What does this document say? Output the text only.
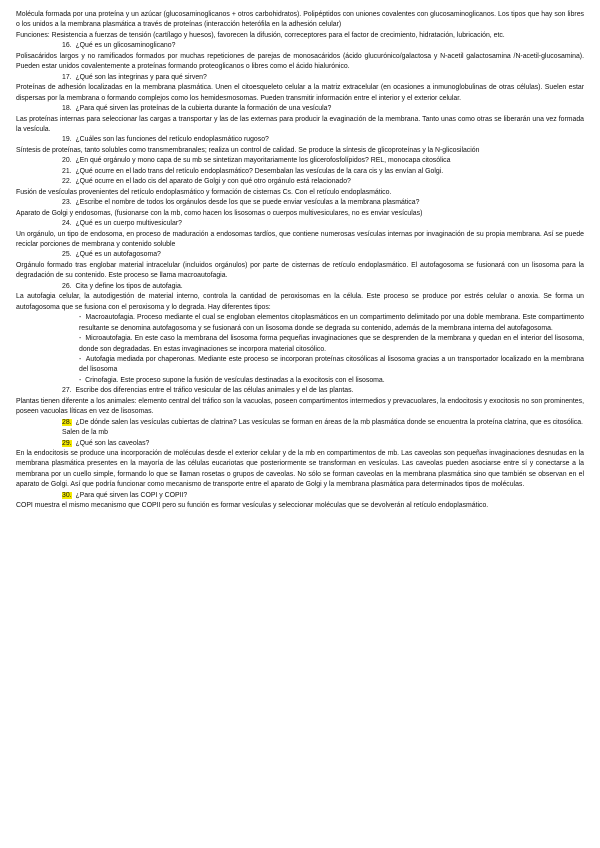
Molécula formada por una proteína y un azúcar (glucosaminoglicanos + otros carbohidratos). Polipéptidos con uniones covalentes con glucosaminoglicanos. Los tipos que hay son libres o los unidos a la membrana plasmática a través de proteínas (interacción heterófila en la adhesión celular)

Funciones: Resistencia a fuerzas de tensión (cartílago y huesos), favorecen la difusión, correceptores para el factor de crecimiento, hidratación, lubricación, etc.

16. ¿Qué es un glicosaminoglicano?

Polisacáridos largos y no ramificados formados por muchas repeticiones de parejas de monosacáridos (ácido glucurónico/galactosa y N-acetil galactosamina /N-acetil-glucosamina). Pueden estar unidos covalentemente a proteínas formando proteoglicanos o libres como el ácido hialurónico.

17. ¿Qué son las integrinas y para qué sirven?

Proteínas de adhesión localizadas en la membrana plasmática. Unen el citoesqueleto celular a la matriz extracelular (en ocasiones a inmunoglobulinas de otras células). Suelen estar dispersas por la membrana o formando complejos como los hemidesmosomas. Pueden transmitir información entre el interior y el exterior celular.

18. ¿Para qué sirven las proteínas de la cubierta durante la formación de una vesícula?

Las proteínas internas para seleccionar las cargas a transportar y las de las externas para producir la evaginación de la membrana. Tanto unas como otras se liberarán una vez formada la vesícula.

19. ¿Cuáles son las funciones del retículo endoplasmático rugoso?

Síntesis de proteínas, tanto solubles como transmembranales; realiza un control de calidad. Se produce la síntesis de glicoproteínas y la N-glicosilación

20. ¿En qué orgánulo y mono capa de su mb se sintetizan mayoritariamente los glicerofosfolípidos? REL, monocapa citosólica

21. ¿Qué ocurre en el lado trans del retículo endoplasmático? Desembalan las vesículas de la cara cis y las envían al Golgi.

22. ¿Qué ocurre en el lado cis del aparato de Golgi y con qué otro orgánulo está relacionado?

Fusión de vesículas provenientes del retículo endoplasmático y formación de cisternas Cs. Con el retículo endoplasmático.

23. ¿Escribe el nombre de todos los orgánulos desde los que se puede enviar vesículas a la membrana plasmática?

Aparato de Golgi y endosomas, (fusionarse con la mb, como hacen los lisosomas o cuerpos multivesiculares, no es enviar vesículas)

24. ¿Qué es un cuerpo multivesicular?

Un orgánulo, un tipo de endosoma, en proceso de maduración a endosomas tardíos, que contiene numerosas vesículas internas por invaginación de su propia membrana. Así se puede reciclar porciones de membrana y contenido soluble

25. ¿Qué es un autofagosoma?

Orgánulo formado tras englobar material intracelular (incluidos orgánulos) por parte de cisternas de retículo endoplasmático. El autofagosoma se fusionará con un lisosoma para la degradación de su contenido. Este proceso se llama macroautofagia.

26. Cita y define los tipos de autofagia.

La autofagia celular, la autodigestión de material interno, controla la cantidad de peroxisomas en la célula. Este proceso se produce por estrés celular o anoxia. Se forma un autofagosoma que se fusiona con el peroxisoma y lo degrada. Hay diferentes tipos:

-  Macroautofagia. Proceso mediante el cual se engloban elementos citoplasmáticos en un compartimento delimitado por una doble membrana. Este compartimento resultante se denomina autofagosoma y se fusionará con un lisosoma donde se degrada su contenido, además de la membrana interna del autofagosoma.

-  Microautofagia. En este caso la membrana del lisosoma forma pequeñas invaginaciones que se desprenden de la membrana y quedan en el interior del lisosoma, donde son degradadas. En estas invaginaciones se incorpora material citosólico.

-  Autofagia mediada por chaperonas. Mediante este proceso se incorporan proteínas citosólicas al lisosoma gracias a un transportador localizado en la membrana del lisosoma

-  Crinofagia. Este proceso supone la fusión de vesículas destinadas a la exocitosis con el lisosoma.

27. Escribe dos diferencias entre el tráfico vesicular de las células animales y el de las plantas.

Plantas tienen diferente a los animales: elemento central del tráfico son la vacuolas, poseen compartimentos intermedios y prevacuolares, la endocitosis y exocitosis no son prominentes, poseen vacuolas líticas en vez de lisosomas.

28. ¿De dónde salen las vesículas cubiertas de clatrina? Las vesículas se forman en áreas de la mb plasmática donde se encuentra la proteína clatrina, que es citosólica. Salen de la mb

29. ¿Qué son las caveolas?

En la endocitosis se produce una incorporación de moléculas desde el exterior celular y de la mb en compartimentos de mb. Las caveolas son pequeñas invaginaciones desnudas en la membrana plasmática presentes en la mayoría de las células eucariotas que posteriormente se transforman en vesículas. Las caveolas pueden asociarse entre sí y conectarse a la membrana por un cuello simple, formando lo que se llaman rosetas o grupos de caveolas. No sólo se forman caveolas en la membrana plasmática sino que también se observan en el aparato de Golgi. Así que podría funcionar como mecanismo de transporte entre el aparato de Golgi y la membrana plasmática para determinados tipos de moléculas.

30. ¿Para qué sirven las COPI y COPII?

COPI muestra el mismo mecanismo que COPII pero su función es formar vesículas y seleccionar moléculas que se devolverán al retículo endoplasmático.
